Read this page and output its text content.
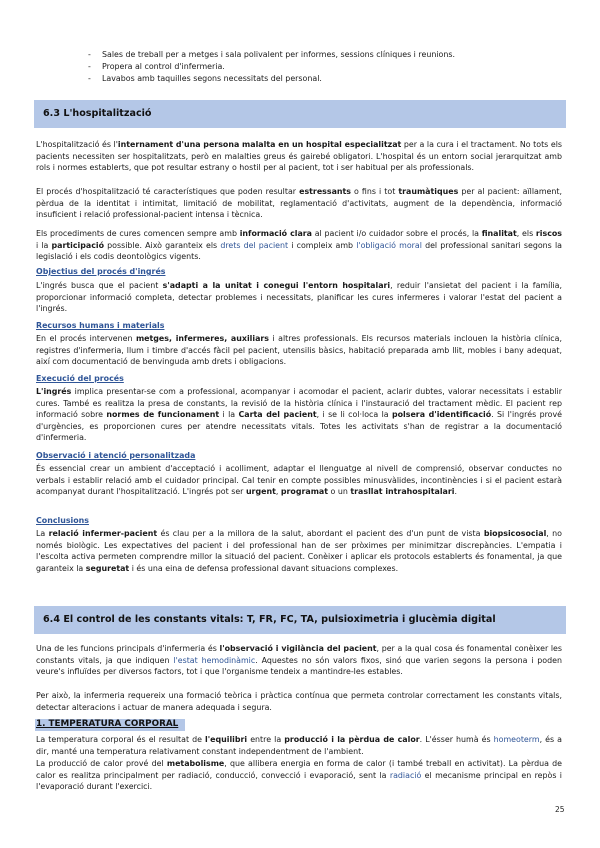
- Sales de treball per a metges i sala polivalent per informes, sessions clíniques i reunions.
- Propera al control d'infermeria.
- Lavabos amb taquilles segons necessitats del personal.
6.3 L'hospitalització

L'hospitalització és l'internament d'una persona malalta en un hospital especialitzat per a la cura i el tractament. No tots els pacients necessiten ser hospitalitzats, però en malalties greus és gairebé obligatori. L'hospital és un entorn social jerarquitzat amb rols i normes establerts, que pot resultar estrany o hostil per al pacient, tot i ser habitual per als professionals.

El procés d'hospitalització té característiques que poden resultar estressants o fins i tot traumàtiques per al pacient: aïllament, pèrdua de la identitat i intimitat, limitació de mobilitat, reglamentació d'activitats, augment de la dependència, informació insuficient i relació professional-pacient intensa i tècnica.

Els procediments de cures comencen sempre amb informació clara al pacient i/o cuidador sobre el procés, la finalitat, els riscos i la participació possible. Això garanteix els drets del pacient i compleix amb l'obligació moral del professional sanitari segons la legislació i els codis deontològics vigents.

Objectius del procés d'ingrés

L'ingrés busca que el pacient s'adapti a la unitat i conegui l'entorn hospitalari, reduir l'ansietat del pacient i la família, proporcionar informació completa, detectar problemes i necessitats, planificar les cures infermeres i valorar l'estat del pacient a l'ingrés.

Recursos humans i materials

En el procés intervenen metges, infermeres, auxiliars i altres professionals. Els recursos materials inclouen la història clínica, registres d'infermeria, llum i timbre d'accés fàcil pel pacient, utensilis bàsics, habitació preparada amb llit, mobles i bany adequat, així com documentació de benvinguda amb drets i obligacions.

Execució del procés

L'ingrés implica presentar-se com a professional, acompanyar i acomodar el pacient, aclarir dubtes, valorar necessitats i establir cures. També es realitza la presa de constants, la revisió de la història clínica i l'instauració del tractament mèdic. El pacient rep informació sobre normes de funcionament i la Carta del pacient, i se li col·loca la polsera d'identificació. Si l'ingrés prové d'urgències, es proporcionen cures per atendre necessitats vitals. Totes les activitats s'han de registrar a la documentació d'infermeria.

Observació i atenció personalitzada

És essencial crear un ambient d'acceptació i acolliment, adaptar el llenguatge al nivell de comprensió, observar conductes no verbals i establir relació amb el cuidador principal. Cal tenir en compte possibles minusvàlides, incontinències i si el pacient estarà acompanyat durant l'hospitalització. L'ingrés pot ser urgent, programat o un trasllat intrahospitalari.

Conclusions

La relació infermer-pacient és clau per a la millora de la salut, abordant el pacient des d'un punt de vista biopsicosocial, no només biològic. Les expectatives del pacient i del professional han de ser pròximes per minimitzar discrepàncies. L'empatia i l'escolta activa permeten comprendre millor la situació del pacient. Conèixer i aplicar els protocols establerts és fonamental, ja que garanteix la seguretat i és una eina de defensa professional davant situacions complexes.

6.4 El control de les constants vitals: T, FR, FC, TA, pulsioximetria i glucèmia digital

Una de les funcions principals d'infermeria és l'observació i vigilància del pacient, per a la qual cosa és fonamental conèixer les constants vitals, ja que indiquen l'estat hemodinàmic. Aquestes no són valors fixos, sinó que varien segons la persona i poden veure's influïdes per diversos factors, tot i que l'organisme tendeix a mantindre-les estables.

Per això, la infermeria requereix una formació teòrica i pràctica contínua que permeta controlar correctament les constants vitals, detectar alteracions i actuar de manera adequada i segura.

1. TEMPERATURA CORPORAL

La temperatura corporal és el resultat de l'equilibri entre la producció i la pèrdua de calor. L'ésser humà és homeoterm, és a dir, manté una temperatura relativament constant independentment de l'ambient.

La producció de calor prové del metabolisme, que allibera energia en forma de calor (i també treball en activitat). La pèrdua de calor es realitza principalment per radiació, conducció, convecció i evaporació, sent la radiació el mecanisme principal en repòs i l'evaporació durant l'exercici.

25
